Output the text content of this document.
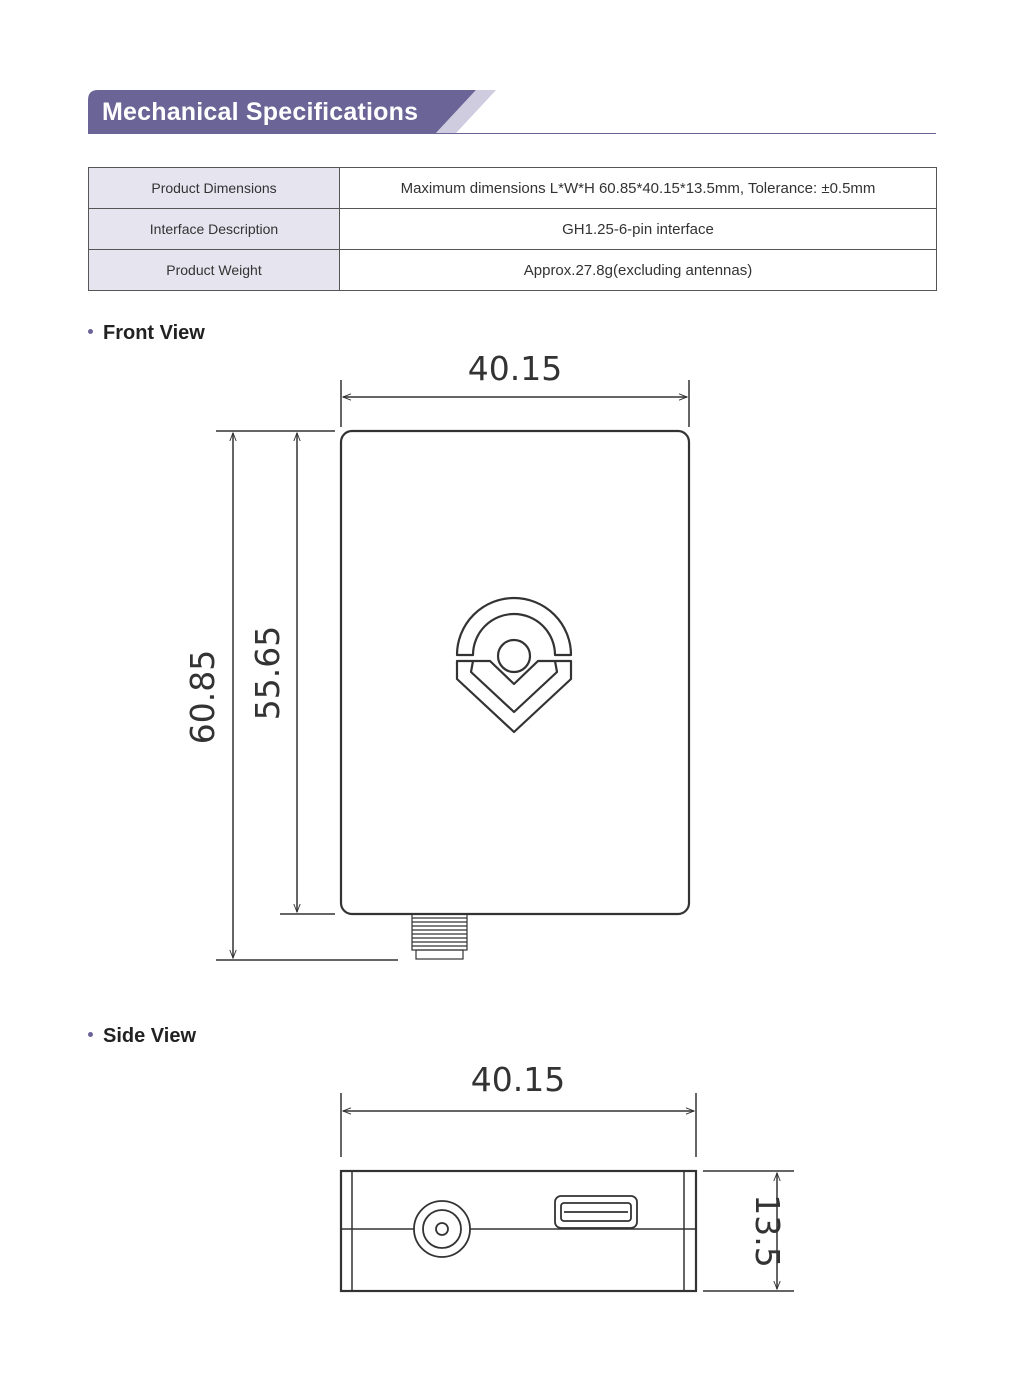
Mechanical Specifications
Product Dimensions	Maximum dimensions L*W*H 60.85*40.15*13.5mm, Tolerance: ±0.5mm
Interface Description	GH1.25-6-pin interface
Product Weight	Approx.27.8g(excluding antennas)
Front View
Side View
40.15
60.85 55.65
40.15
13.5
